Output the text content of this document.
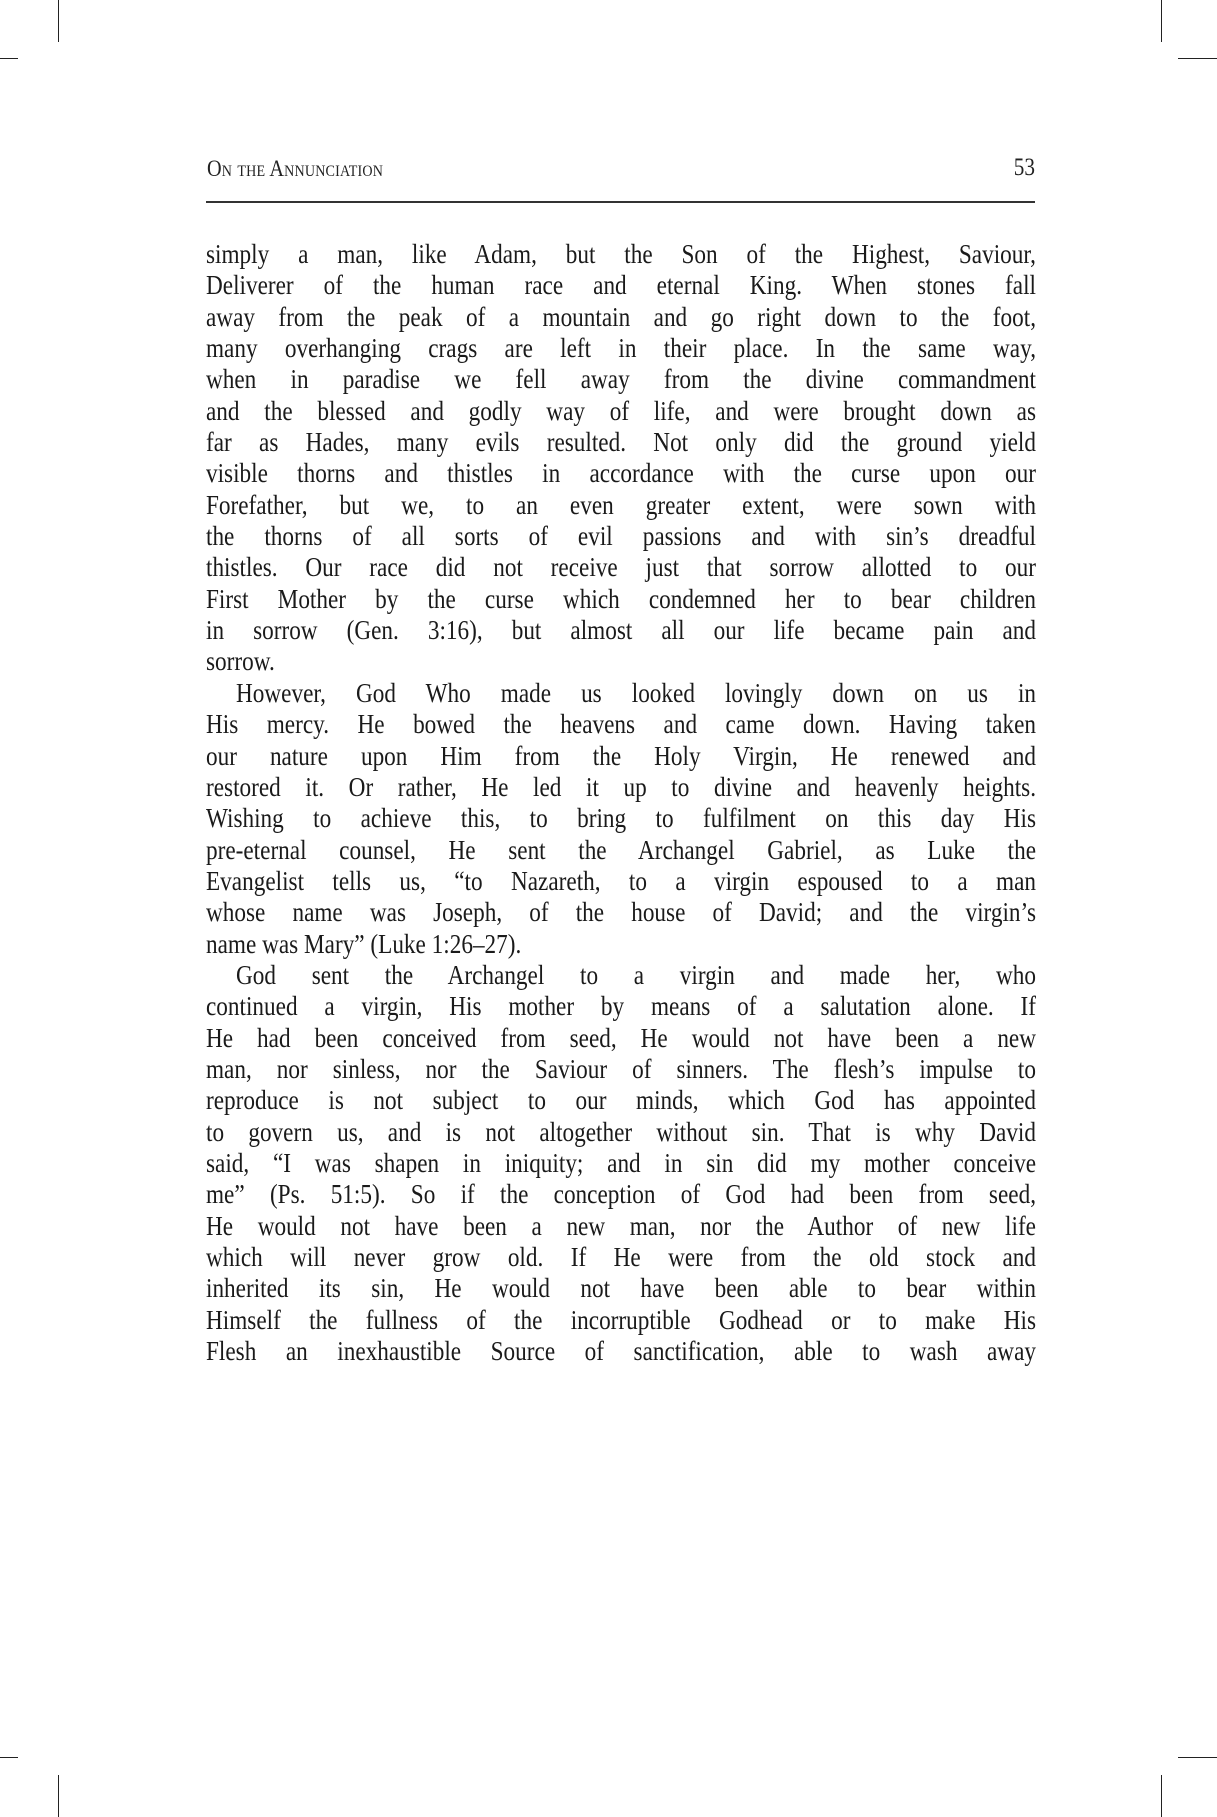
On the Annunciation	53
simply a man, like Adam, but the Son of the Highest, Saviour,
Deliverer of the human race and eternal King. When stones fall
away from the peak of a mountain and go right down to the foot,
many overhanging crags are left in their place. In the same way,
when in paradise we fell away from the divine commandment
and the blessed and godly way of life, and were brought down as
far as Hades, many evils resulted. Not only did the ground yield
visible thorns and thistles in accordance with the curse upon our
Forefather, but we, to an even greater extent, were sown with
the thorns of all sorts of evil passions and with sin’s dreadful
thistles. Our race did not receive just that sorrow allotted to our
First Mother by the curse which condemned her to bear children
in sorrow (Gen. 3:16), but almost all our life became pain and
sorrow.
However, God Who made us looked lovingly down on us in
His mercy. He bowed the heavens and came down. Having taken
our nature upon Him from the Holy Virgin, He renewed and
restored it. Or rather, He led it up to divine and heavenly heights.
Wishing to achieve this, to bring to fulfilment on this day His
pre-eternal counsel, He sent the Archangel Gabriel, as Luke the
Evangelist tells us, “to Nazareth, to a virgin espoused to a man
whose name was Joseph, of the house of David; and the virgin’s
name was Mary” (Luke 1:26–27).
God sent the Archangel to a virgin and made her, who
continued a virgin, His mother by means of a salutation alone. If
He had been conceived from seed, He would not have been a new
man, nor sinless, nor the Saviour of sinners. The flesh’s impulse to
reproduce is not subject to our minds, which God has appointed
to govern us, and is not altogether without sin. That is why David
said, “I was shapen in iniquity; and in sin did my mother conceive
me” (Ps. 51:5). So if the conception of God had been from seed,
He would not have been a new man, nor the Author of new life
which will never grow old. If He were from the old stock and
inherited its sin, He would not have been able to bear within
Himself the fullness of the incorruptible Godhead or to make His
Flesh an inexhaustible Source of sanctification, able to wash away
